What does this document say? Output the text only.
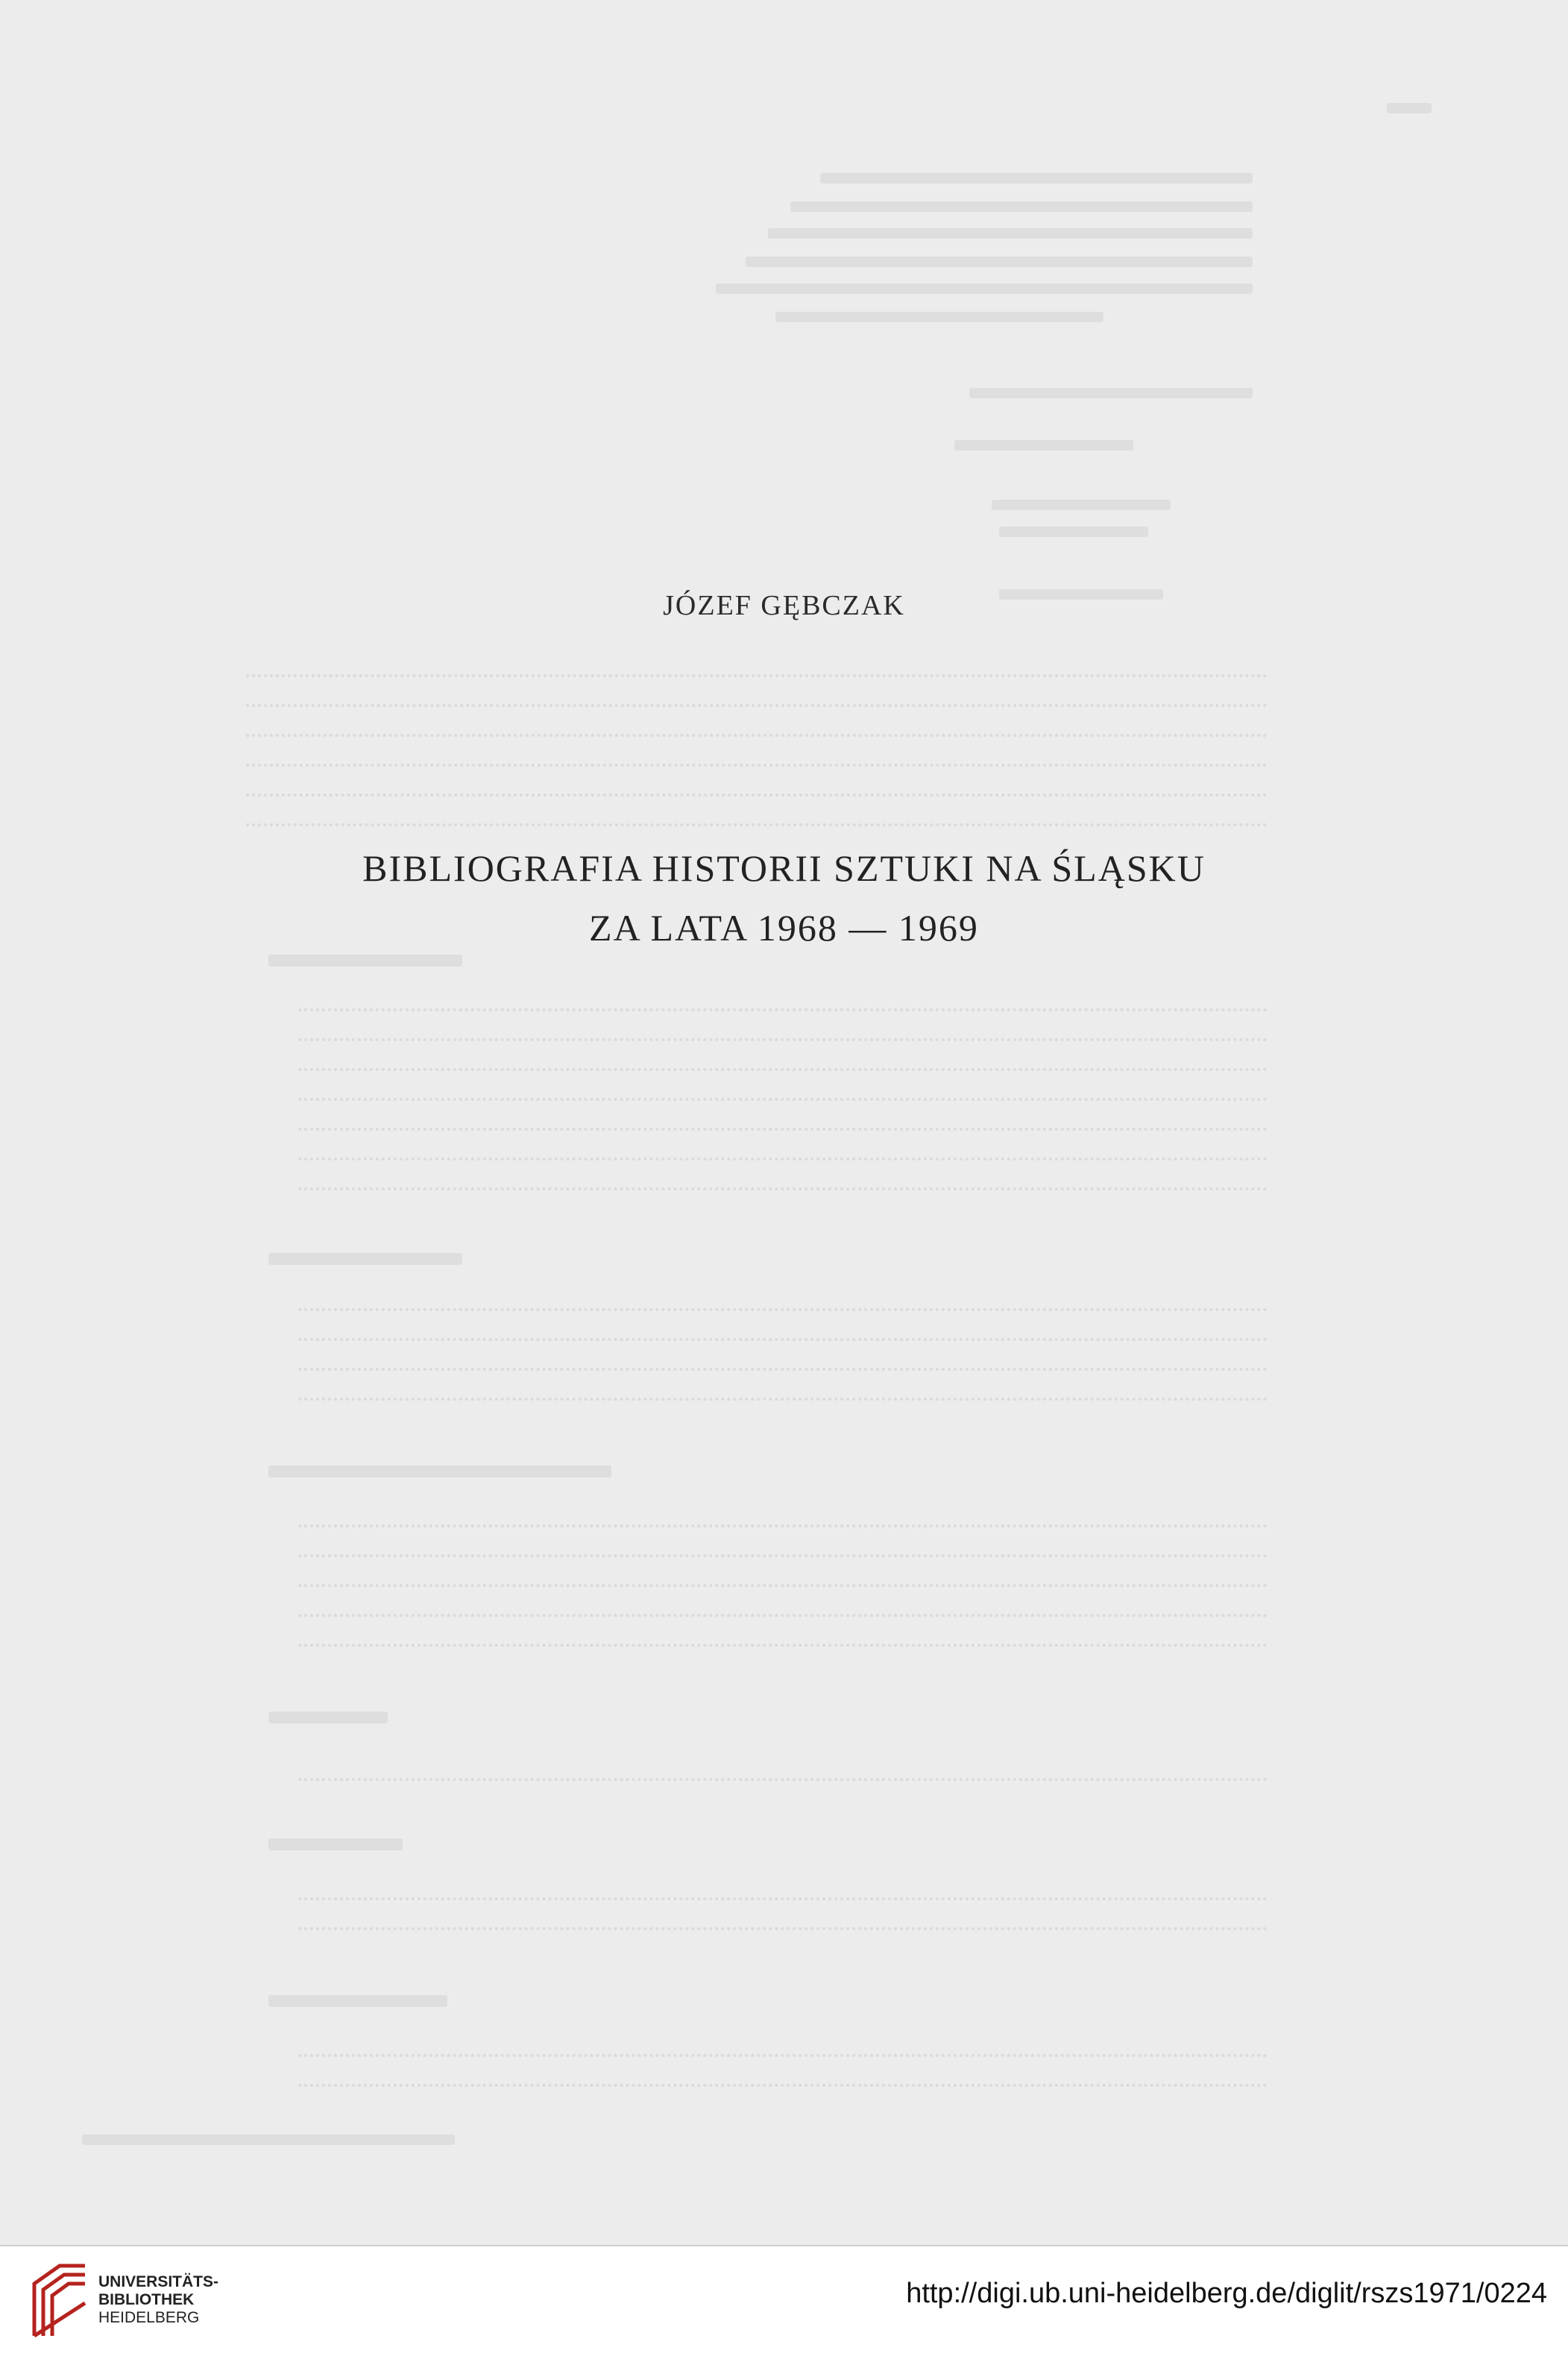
JÓZEF GĘBCZAK
BIBLIOGRAFIA HISTORII SZTUKI NA ŚLĄSKU
ZA LATA 1968 — 1969
UNIVERSITÄTS-
BIBLIOTHEK
HEIDELBERG
http://digi.ub.uni-heidelberg.de/diglit/rszs1971/0224
